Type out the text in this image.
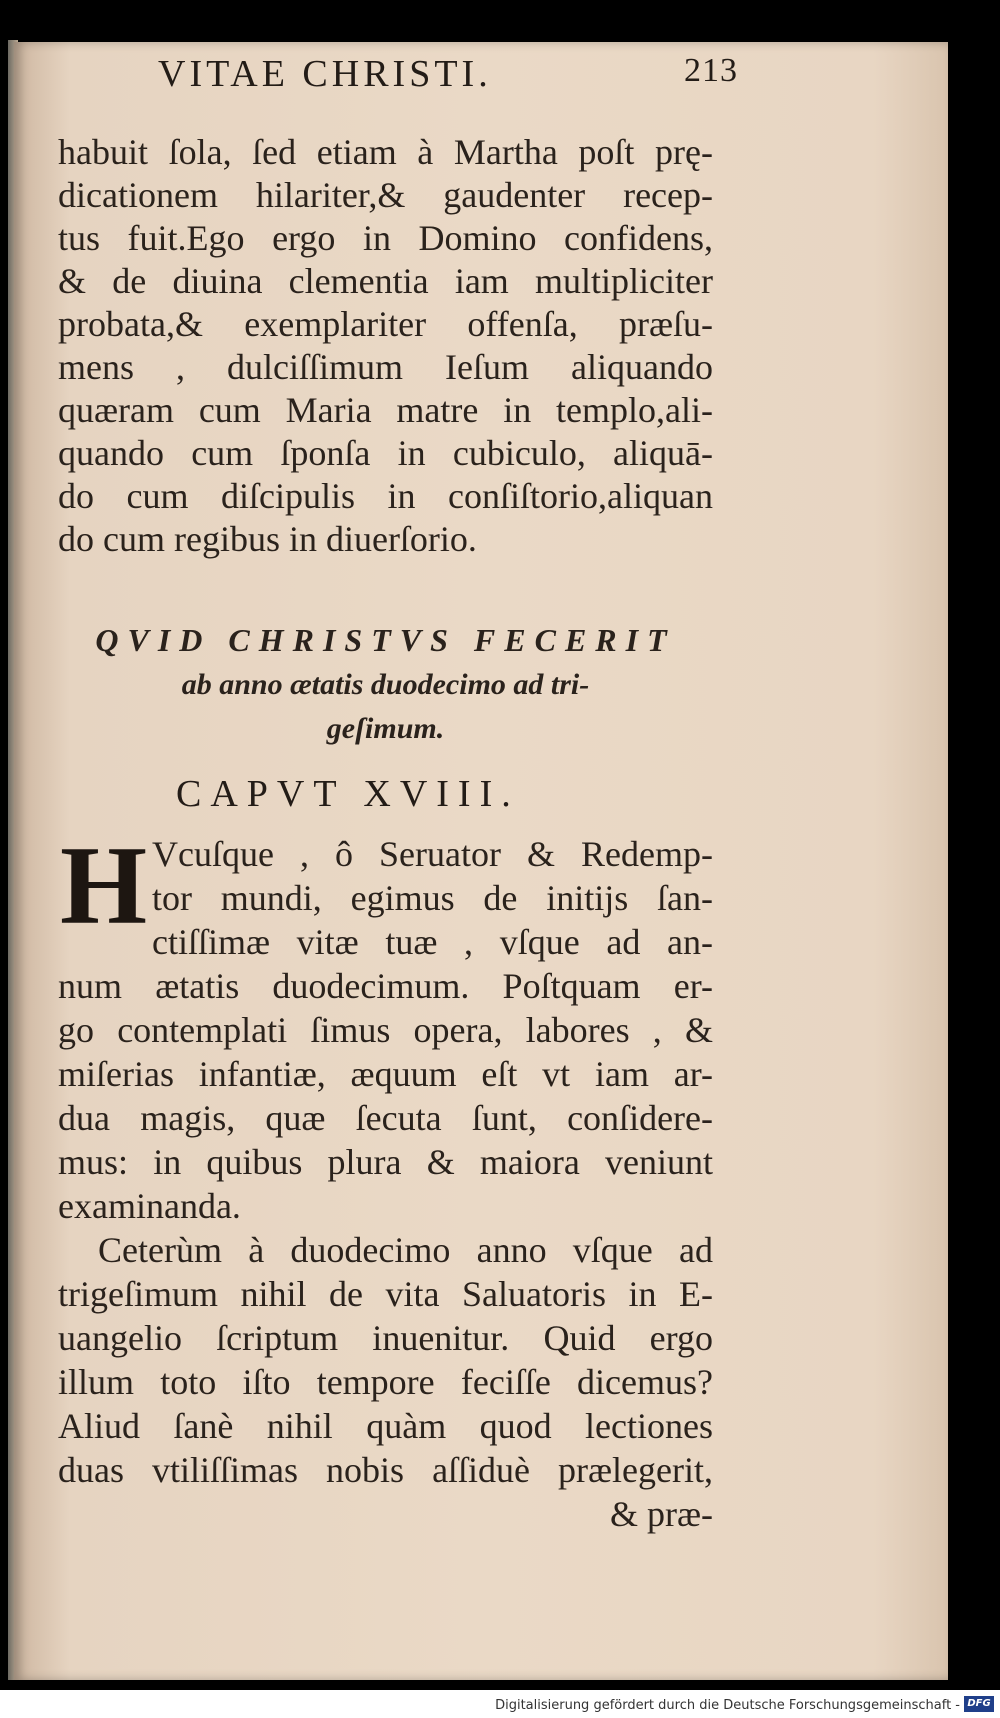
VITAE CHRISTI.	213
habuit ſola, ſed etiam à Martha poſt prę-
dicationem hilariter,& gaudenter recep-
tus fuit.Ego ergo in Domino confidens,
& de diuina clementia iam multipliciter
probata,& exemplariter offenſa, præſu-
mens , dulciſſimum Ieſum aliquando
quæram cum Maria matre in templo,ali-
quando cum ſponſa in cubiculo, aliquā-
do cum diſcipulis in conſiſtorio,aliquan
do cum regibus in diuerſorio.
QVID CHRISTVS FECERIT
ab anno ætatis duodecimo ad tri-
geſimum.
CAPVT XVIII.
H Vcuſque , ô Seruator & Redemp-
tor mundi, egimus de initijs ſan-
ctiſſimæ vitæ tuæ , vſque ad an-
num ætatis duodecimum. Poſtquam er-
go contemplati ſimus opera, labores , &
miſerias infantiæ, æquum eſt vt iam ar-
dua magis, quæ ſecuta ſunt, conſidere-
mus: in quibus plura & maiora veniunt
examinanda.
Ceterùm à duodecimo anno vſque ad
trigeſimum nihil de vita Saluatoris in E-
uangelio ſcriptum inuenitur. Quid ergo
illum toto iſto tempore feciſſe dicemus?
Aliud ſanè nihil quàm quod lectiones
duas vtiliſſimas nobis aſſiduè prælegerit,
& præ-
Digitalisierung gefördert durch die Deutsche Forschungsgemeinschaft - DFG
